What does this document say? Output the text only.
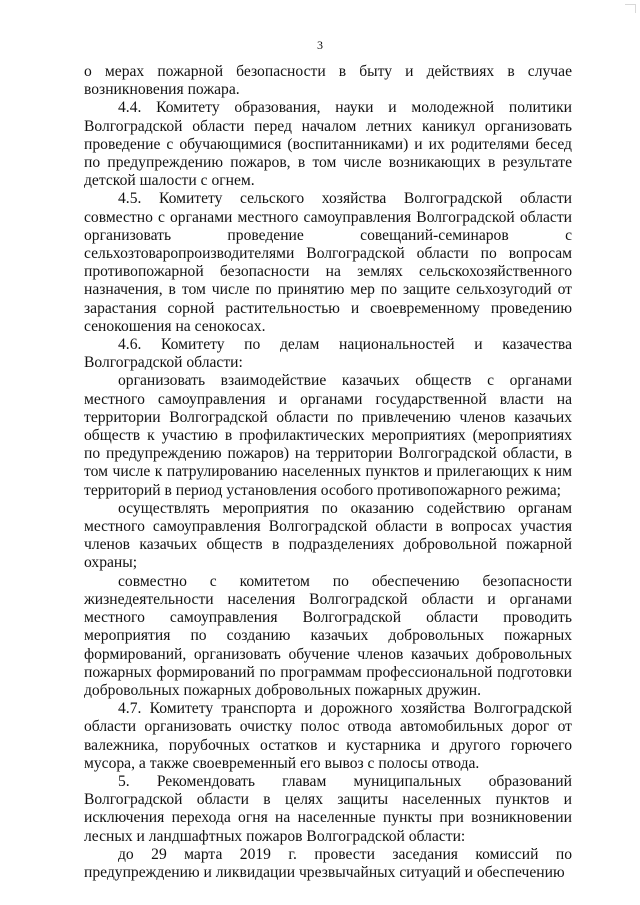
3

о мерах пожарной безопасности в быту и действиях в случае возникновения пожара.

4.4. Комитету образования, науки и молодежной политики Волгоградской области перед началом летних каникул организовать проведение с обучающимися (воспитанниками) и их родителями бесед по предупреждению пожаров, в том числе возникающих в результате детской шалости с огнем.

4.5. Комитету сельского хозяйства Волгоградской области совместно с органами местного самоуправления Волгоградской области организовать проведение совещаний-семинаров с сельхозтоваропроизводителями Волгоградской области по вопросам противопожарной безопасности на землях сельскохозяйственного назначения, в том числе по принятию мер по защите сельхозугодий от зарастания сорной растительностью и своевременному проведению сенокошения на сенокосах.

4.6. Комитету по делам национальностей и казачества Волгоградской области:

организовать взаимодействие казачьих обществ с органами местного самоуправления и органами государственной власти на территории Волгоградской области по привлечению членов казачьих обществ к участию в профилактических мероприятиях (мероприятиях по предупреждению пожаров) на территории Волгоградской области, в том числе к патрулированию населенных пунктов и прилегающих к ним территорий в период установления особого противопожарного режима;

осуществлять мероприятия по оказанию содействию органам местного самоуправления Волгоградской области в вопросах участия членов казачьих обществ в подразделениях добровольной пожарной охраны;

совместно с комитетом по обеспечению безопасности жизнедеятельности населения Волгоградской области и органами местного самоуправления Волгоградской области проводить мероприятия по созданию казачьих добровольных пожарных формирований, организовать обучение членов казачьих добровольных пожарных формирований по программам профессиональной подготовки добровольных пожарных добровольных пожарных дружин.

4.7. Комитету транспорта и дорожного хозяйства Волгоградской области организовать очистку полос отвода автомобильных дорог от валежника, порубочных остатков и кустарника и другого горючего мусора, а также своевременный его вывоз с полосы отвода.

5. Рекомендовать главам муниципальных образований Волгоградской области в целях защиты населенных пунктов и исключения перехода огня на населенные пункты при возникновении лесных и ландшафтных пожаров Волгоградской области:

до 29 марта 2019 г. провести заседания комиссий по предупреждению и ликвидации чрезвычайных ситуаций и обеспечению
